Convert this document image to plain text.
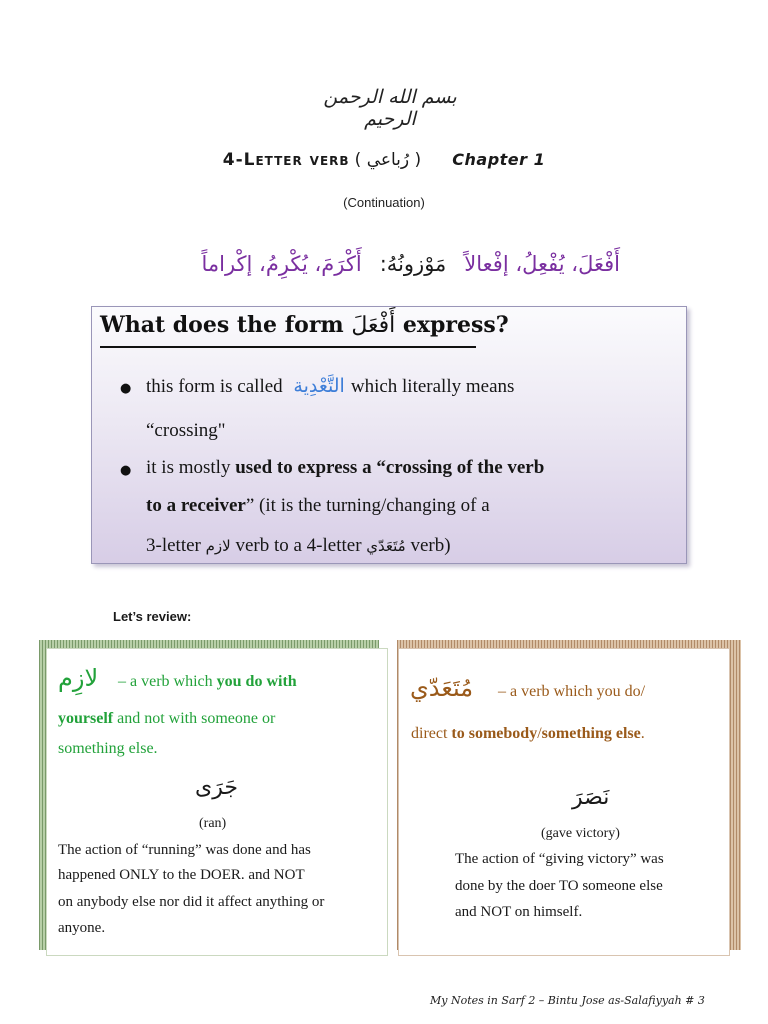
بسم الله الرحمن الرحيم
4-Letter verb ( رُباعي ) Chapter 1
(Continuation)
أَفْعَلَ، يُفْعِلُ، إفْعالاًمَوْزونُهُ:أَكْرَمَ، يُكْرِمُ، إكْراماً
What does the form أَفْعَلَ express?
● this form is called التَّعْدِية which literally means
“crossing"
● it is mostly used to express a “crossing of the verb
to a receiver” (it is the turning/changing of a
3-letter لازم verb to a 4-letter مُتَعَدّي verb)
Let’s review:
لازِم – a verb which you do with
yourself and not with someone or
something else.
جَرَى
(ran)
The action of “running” was done and has
happened ONLY to the DOER. and NOT
on anybody else nor did it affect anything or
anyone.
مُتَعَدّي – a verb which you do/
direct to somebody/something else.
نَصَرَ
(gave victory)
The action of “giving victory” was
done by the doer TO someone else
and NOT on himself.
My Notes in Sarf 2 – Bintu Jose as-Salafiyyah # 3
